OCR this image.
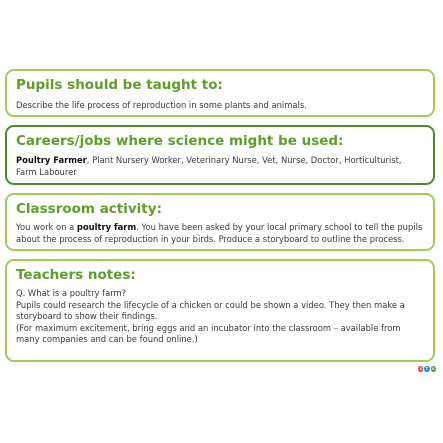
Pupils should be taught to:

Describe the life process of reproduction in some plants and animals.

Careers/jobs where science might be used:

Poultry Farmer, Plant Nursery Worker, Veterinary Nurse, Vet, Nurse, Doctor, Horticulturist, Farm Labourer

Classroom activity:

You work on a poultry farm. You have been asked by your local primary school to tell the pupils about the process of reproduction in your birds. Produce a storyboard to outline the process.

Teachers notes:

Q. What is a poultry farm?
Pupils could research the lifecycle of a chicken or could be shown a video. They then make a storyboard to show their findings.
(For maximum excitement, bring eggs and an incubator into the classroom – available from many companies and can be found online.)

s	t	s
